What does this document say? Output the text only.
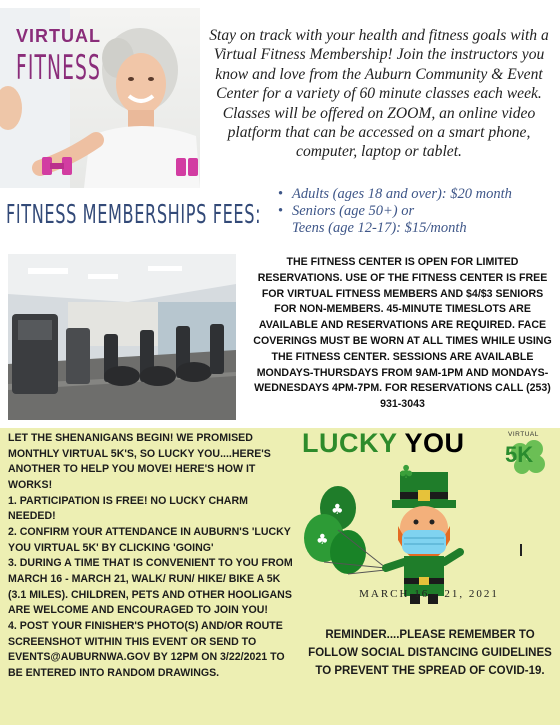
VIRTUAL
FITNESS

Stay on track with your health and fitness goals with a Virtual Fitness Membership! Join the instructors you know and love from the Auburn Community & Event Center for a variety of 60 minute classes each week. Classes will be offered on ZOOM, an online video platform that can be accessed on a smart phone, computer, laptop or tablet.

FITNESS MEMBERSHIPS FEES:
• Adults (ages 18 and over): $20 month
• Seniors (age 50+) or
Teens (age 12-17): $15/month

THE FITNESS CENTER IS OPEN FOR LIMITED RESERVATIONS. USE OF THE FITNESS CENTER IS FREE FOR VIRTUAL FITNESS MEMBERS AND $4/$3 SENIORS FOR NON-MEMBERS. 45-MINUTE TIMESLOTS ARE AVAILABLE AND RESERVATIONS ARE REQUIRED. FACE COVERINGS MUST BE WORN AT ALL TIMES WHILE USING THE FITNESS CENTER. SESSIONS ARE AVAILABLE MONDAYS-THURSDAYS FROM 9AM-1PM AND MONDAYS-WEDNESDAYS 4PM-7PM. FOR RESERVATIONS CALL (253) 931-3043

LET THE SHENANIGANS BEGIN! WE PROMISED MONTHLY VIRTUAL 5K'S, SO LUCKY YOU....HERE'S ANOTHER TO HELP YOU MOVE! HERE'S HOW IT WORKS!

1. PARTICIPATION IS FREE! NO LUCKY CHARM NEEDED!

2. CONFIRM YOUR ATTENDANCE IN AUBURN'S 'LUCKY YOU VIRTUAL 5K' BY CLICKING 'GOING'

3. DURING A TIME THAT IS CONVENIENT TO YOU FROM MARCH 16 - MARCH 21, WALK/ RUN/ HIKE/ BIKE A 5K (3.1 MILES). CHILDREN, PETS AND OTHER HOOLIGANS ARE WELCOME AND ENCOURAGED TO JOIN YOU!

4. POST YOUR FINISHER'S PHOTO(S) AND/OR ROUTE SCREENSHOT WITHIN THIS EVENT OR SEND TO EVENTS@AUBURNWA.GOV BY 12PM ON 3/22/2021 TO BE ENTERED INTO RANDOM DRAWINGS.

LUCKY YOU	VIRTUAL
5K
♣
♣
♣
MARCH 16 - 21, 2021

REMINDER....PLEASE REMEMBER TO FOLLOW SOCIAL DISTANCING GUIDELINES TO PREVENT THE SPREAD OF COVID-19.
